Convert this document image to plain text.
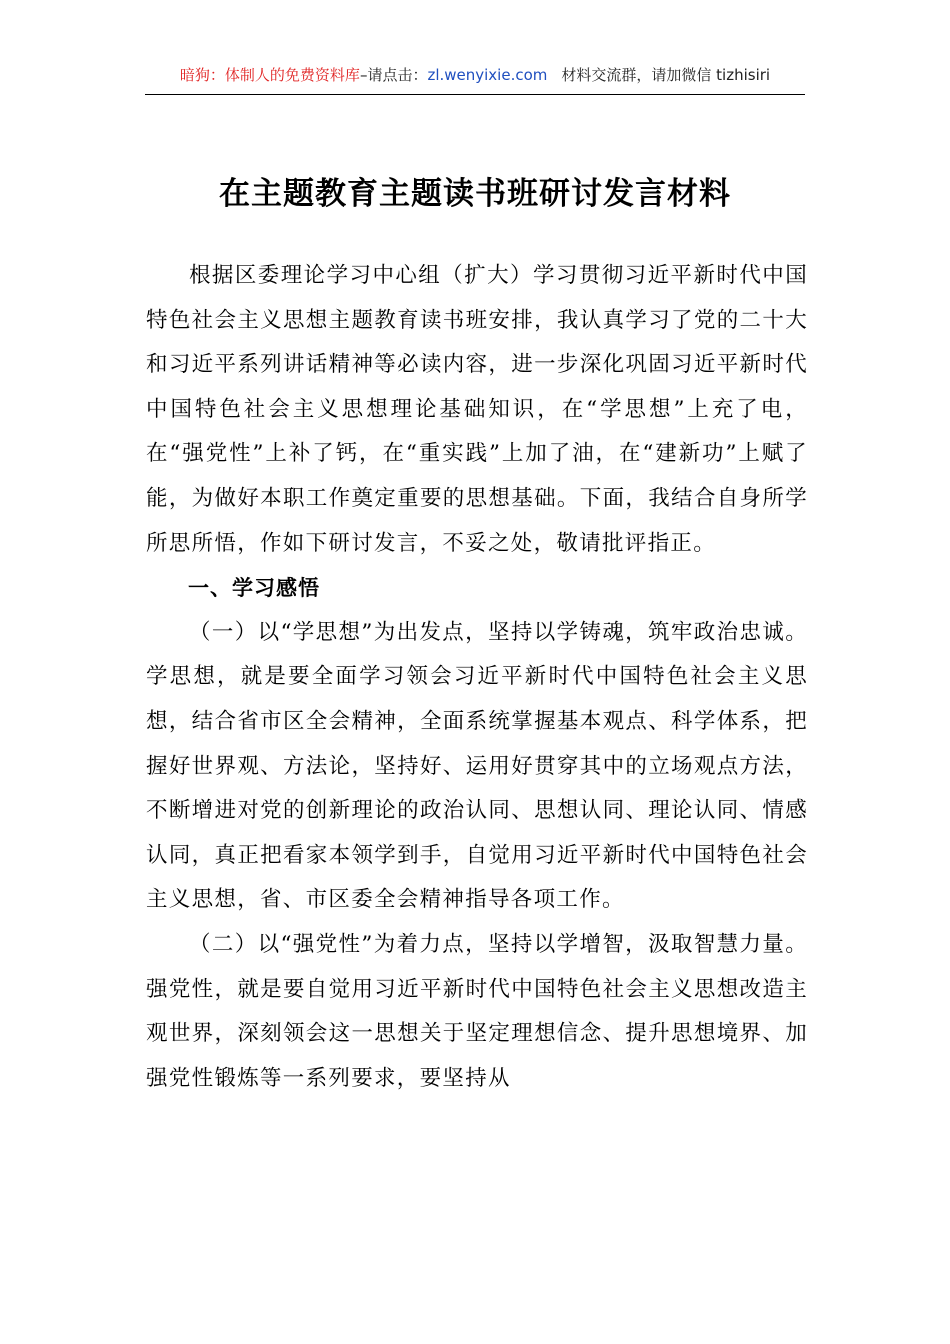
暗狗：体制人的免费资料库–请点击：zl.wenyixie.com 材料交流群，请加微信 tizhisiri
在主题教育主题读书班研讨发言材料

根据区委理论学习中心组（扩大）学习贯彻习近平新时代中国特色社会主义思想主题教育读书班安排，我认真学习了党的二十大和习近平系列讲话精神等必读内容，进一步深化巩固习近平新时代中国特色社会主义思想理论基础知识，在“学思想”上充了电，在“强党性”上补了钙，在“重实践”上加了油，在“建新功”上赋了能，为做好本职工作奠定重要的思想基础。下面，我结合自身所学所思所悟，作如下研讨发言，不妥之处，敬请批评指正。

一、学习感悟

（一）以“学思想”为出发点，坚持以学铸魂，筑牢政治忠诚。学思想，就是要全面学习领会习近平新时代中国特色社会主义思想，结合省市区全会精神，全面系统掌握基本观点、科学体系，把握好世界观、方法论，坚持好、运用好贯穿其中的立场观点方法，不断增进对党的创新理论的政治认同、思想认同、理论认同、情感认同，真正把看家本领学到手，自觉用习近平新时代中国特色社会主义思想，省、市区委全会精神指导各项工作。

（二）以“强党性”为着力点，坚持以学增智，汲取智慧力量。强党性，就是要自觉用习近平新时代中国特色社会主义思想改造主观世界，深刻领会这一思想关于坚定理想信念、提升思想境界、加强党性锻炼等一系列要求，要坚持从
